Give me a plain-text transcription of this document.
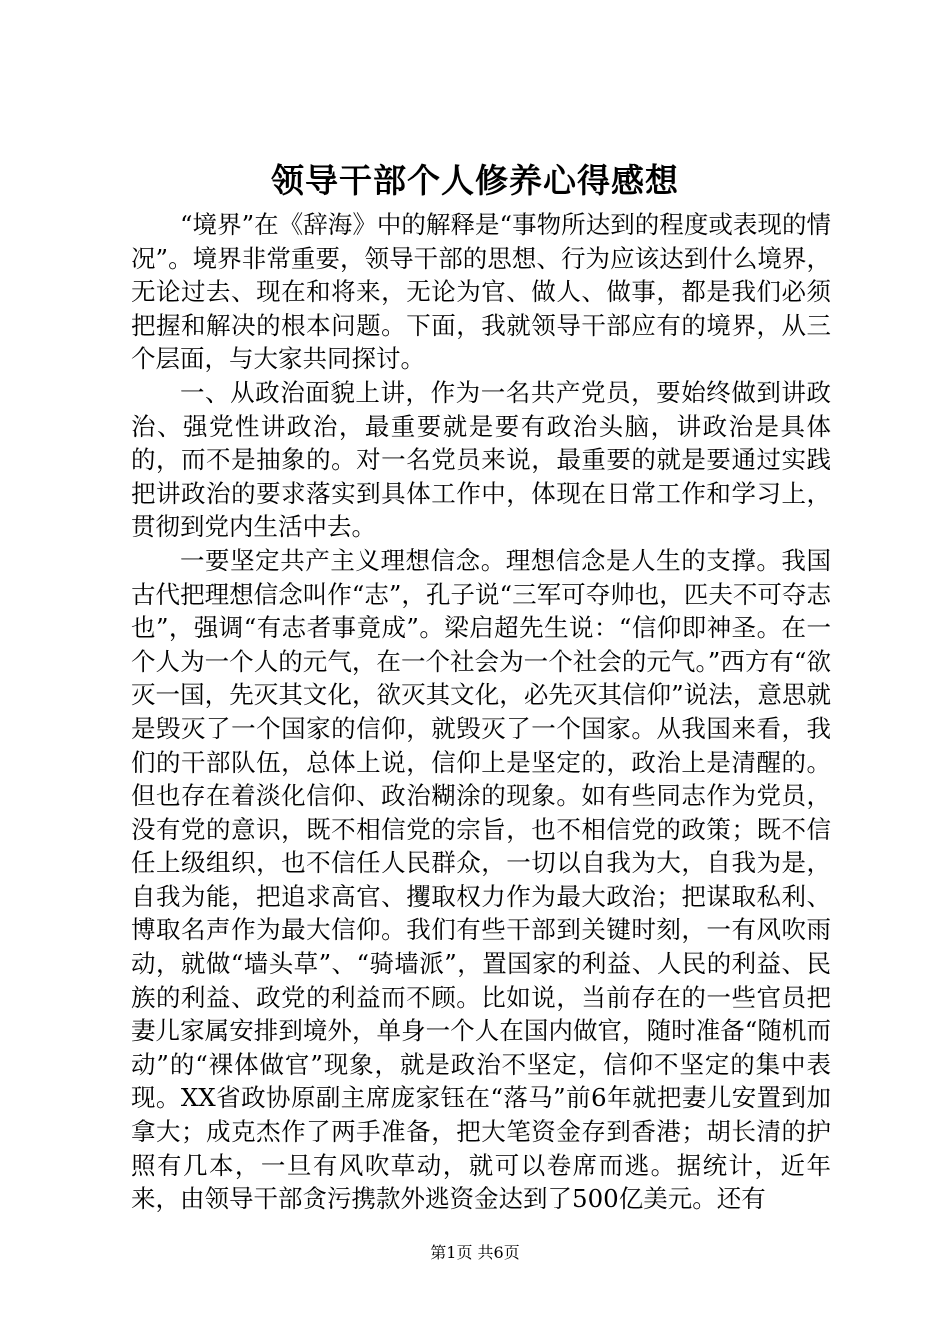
领导干部个人修养心得感想

“境界”在《辞海》中的解释是“事物所达到的程度或表现的情况”。境界非常重要，领导干部的思想、行为应该达到什么境界，无论过去、现在和将来，无论为官、做人、做事，都是我们必须把握和解决的根本问题。下面，我就领导干部应有的境界，从三个层面，与大家共同探讨。

一、从政治面貌上讲，作为一名共产党员，要始终做到讲政治、强党性讲政治，最重要就是要有政治头脑，讲政治是具体的，而不是抽象的。对一名党员来说，最重要的就是要通过实践把讲政治的要求落实到具体工作中，体现在日常工作和学习上，贯彻到党内生活中去。

一要坚定共产主义理想信念。理想信念是人生的支撑。我国古代把理想信念叫作“志”，孔子说“三军可夺帅也，匹夫不可夺志也”，强调“有志者事竟成”。梁启超先生说：“信仰即神圣。在一个人为一个人的元气，在一个社会为一个社会的元气。”西方有“欲灭一国，先灭其文化，欲灭其文化，必先灭其信仰”说法，意思就是毁灭了一个国家的信仰，就毁灭了一个国家。从我国来看，我们的干部队伍，总体上说，信仰上是坚定的，政治上是清醒的。但也存在着淡化信仰、政治糊涂的现象。如有些同志作为党员，没有党的意识，既不相信党的宗旨，也不相信党的政策；既不信任上级组织，也不信任人民群众，一切以自我为大，自我为是，自我为能，把追求高官、攫取权力作为最大政治；把谋取私利、博取名声作为最大信仰。我们有些干部到关键时刻，一有风吹雨动，就做“墙头草”、“骑墙派”，置国家的利益、人民的利益、民族的利益、政党的利益而不顾。比如说，当前存在的一些官员把妻儿家属安排到境外，单身一个人在国内做官，随时准备“随机而动”的“裸体做官”现象，就是政治不坚定，信仰不坚定的集中表现。XX省政协原副主席庞家钰在“落马”前6年就把妻儿安置到加拿大；成克杰作了两手准备，把大笔资金存到香港；胡长清的护照有几本，一旦有风吹草动，就可以卷席而逃。据统计，近年来，由领导干部贪污携款外逃资金达到了500亿美元。还有

第1页 共6页
